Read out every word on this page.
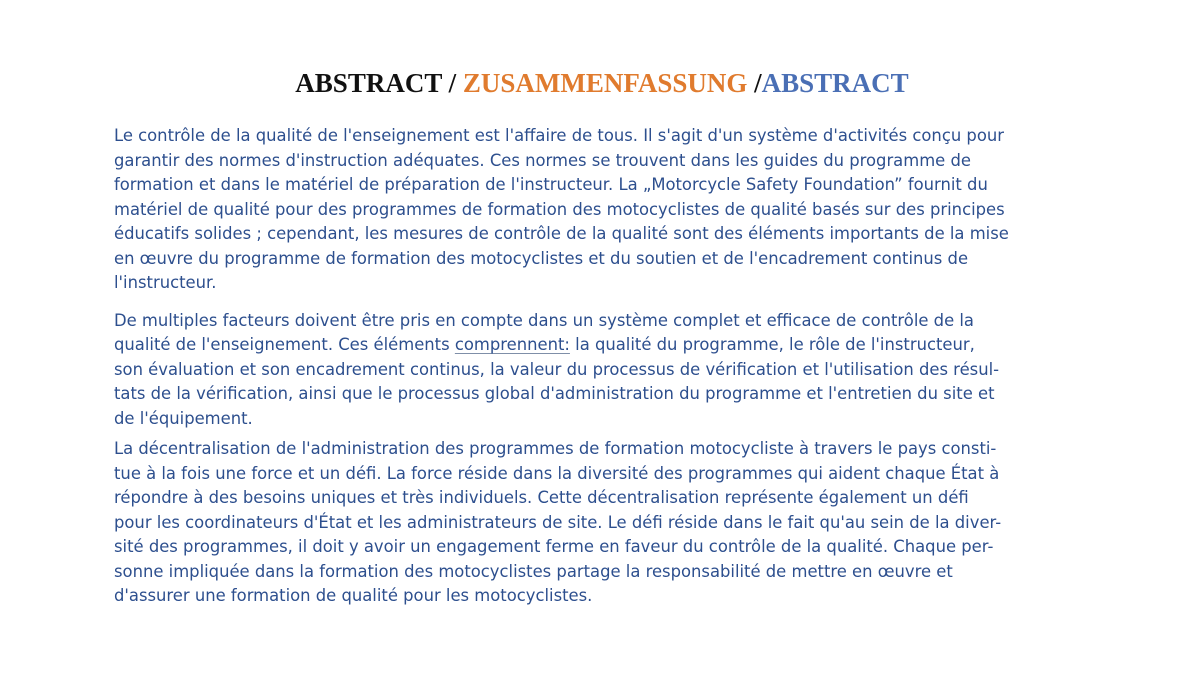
ABSTRACT / ZUSAMMENFASSUNG /ABSTRACT

Le contrôle de la qualité de l'enseignement est l'affaire de tous. Il s'agit d'un système d'activités conçu pour
garantir des normes d'instruction adéquates. Ces normes se trouvent dans les guides du programme de
formation et dans le matériel de préparation de l'instructeur. La „Motorcycle Safety Foundation” fournit du
matériel de qualité pour des programmes de formation des motocyclistes de qualité basés sur des principes
éducatifs solides ; cependant, les mesures de contrôle de la qualité sont des éléments importants de la mise
en œuvre du programme de formation des motocyclistes et du soutien et de l'encadrement continus de
l'instructeur.

De multiples facteurs doivent être pris en compte dans un système complet et efficace de contrôle de la
qualité de l'enseignement. Ces éléments comprennent: la qualité du programme, le rôle de l'instructeur,
son évaluation et son encadrement continus, la valeur du processus de vérification et l'utilisation des résul-
tats de la vérification, ainsi que le processus global d'administration du programme et l'entretien du site et
de l'équipement.

La décentralisation de l'administration des programmes de formation motocycliste à travers le pays consti-
tue à la fois une force et un défi. La force réside dans la diversité des programmes qui aident chaque État à
répondre à des besoins uniques et très individuels. Cette décentralisation représente également un défi
pour les coordinateurs d'État et les administrateurs de site. Le défi réside dans le fait qu'au sein de la diver-
sité des programmes, il doit y avoir un engagement ferme en faveur du contrôle de la qualité. Chaque per-
sonne impliquée dans la formation des motocyclistes partage la responsabilité de mettre en œuvre et
d'assurer une formation de qualité pour les motocyclistes.
